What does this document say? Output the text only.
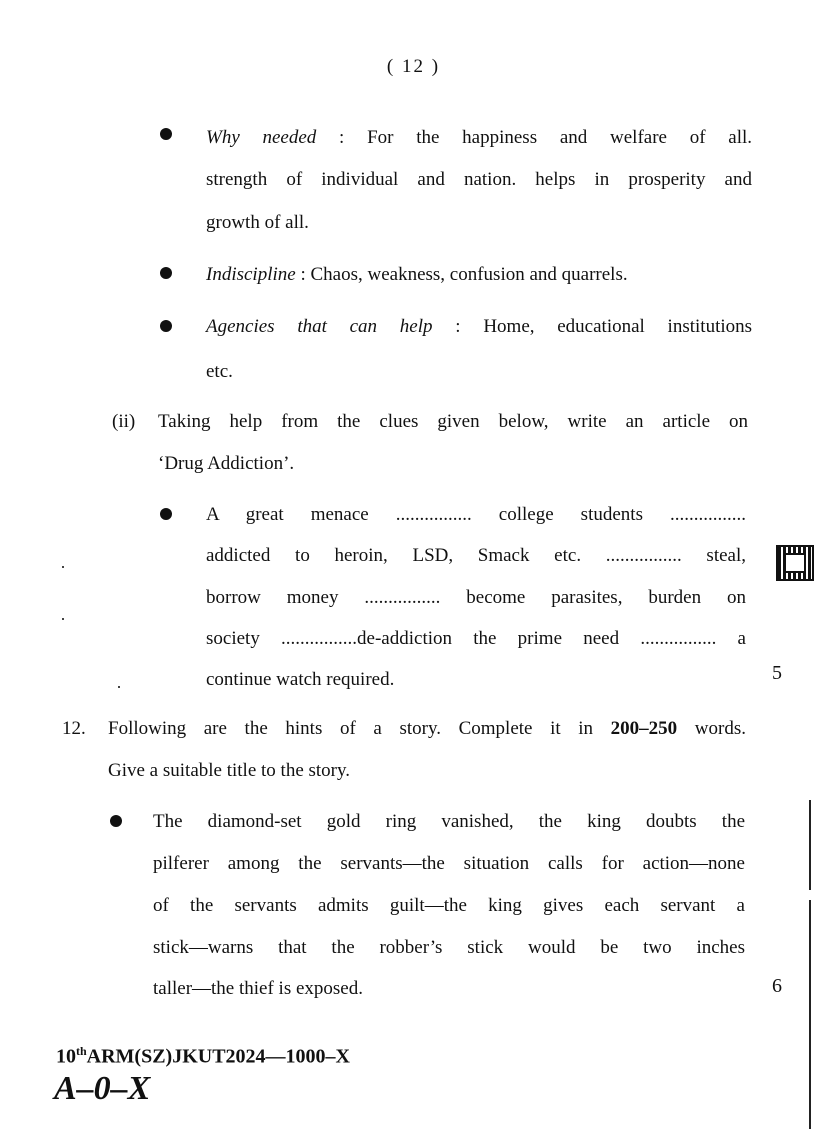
( 12 )
Why needed : For the happiness and welfare of all.
strength of individual and nation. helps in prosperity and
growth of all.
Indiscipline : Chaos, weakness, confusion and quarrels.
Agencies that can help : Home, educational institutions
etc.
(ii) Taking help from the clues given below, write an article on
‘Drug Addiction’.
A great menace ................ college students ................
addicted to heroin, LSD, Smack etc. ................ steal,
borrow money ................ become parasites, burden on
society ................de-addiction the prime need ................ a
continue watch required.	5
12. Following are the hints of a story. Complete it in 200–250 words.
Give a suitable title to the story.
The diamond-set gold ring vanished, the king doubts the
pilferer among the servants—the situation calls for action—none
of the servants admits guilt—the king gives each servant a
stick—warns that the robber’s stick would be two inches
taller—the thief is exposed.	6
10thARM(SZ)JKUT2024—1000–X
A–0–X
